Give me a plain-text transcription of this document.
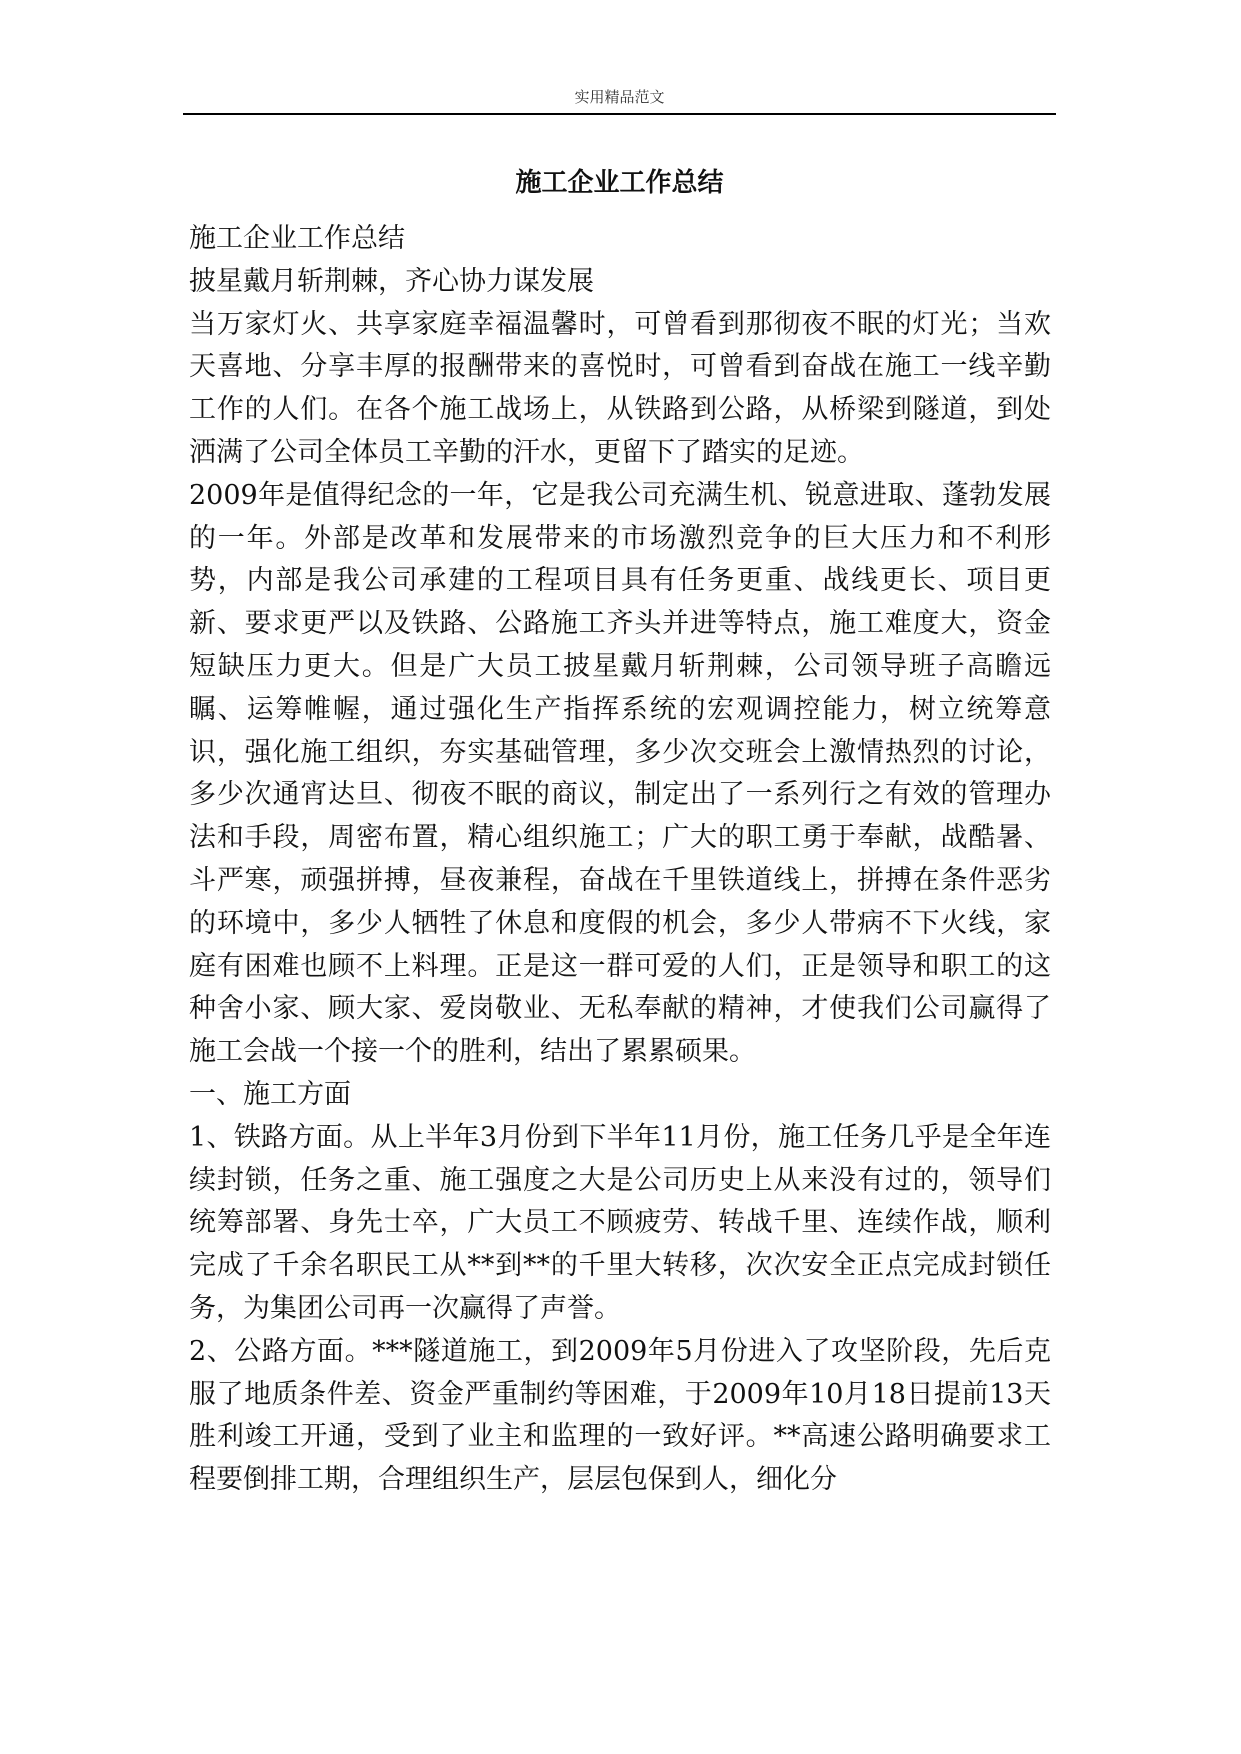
实用精品范文
施工企业工作总结

施工企业工作总结

披星戴月斩荆棘，齐心协力谋发展

当万家灯火、共享家庭幸福温馨时，可曾看到那彻夜不眠的灯光；当欢天喜地、分享丰厚的报酬带来的喜悦时，可曾看到奋战在施工一线辛勤工作的人们。在各个施工战场上，从铁路到公路，从桥梁到隧道，到处洒满了公司全体员工辛勤的汗水，更留下了踏实的足迹。

2009年是值得纪念的一年，它是我公司充满生机、锐意进取、蓬勃发展的一年。外部是改革和发展带来的市场激烈竞争的巨大压力和不利形势，内部是我公司承建的工程项目具有任务更重、战线更长、项目更新、要求更严以及铁路、公路施工齐头并进等特点，施工难度大，资金短缺压力更大。但是广大员工披星戴月斩荆棘，公司领导班子高瞻远瞩、运筹帷幄，通过强化生产指挥系统的宏观调控能力，树立统筹意识，强化施工组织，夯实基础管理，多少次交班会上激情热烈的讨论，多少次通宵达旦、彻夜不眠的商议，制定出了一系列行之有效的管理办法和手段，周密布置，精心组织施工；广大的职工勇于奉献，战酷暑、斗严寒，顽强拼搏，昼夜兼程，奋战在千里铁道线上，拼搏在条件恶劣的环境中，多少人牺牲了休息和度假的机会，多少人带病不下火线，家庭有困难也顾不上料理。正是这一群可爱的人们，正是领导和职工的这种舍小家、顾大家、爱岗敬业、无私奉献的精神，才使我们公司赢得了施工会战一个接一个的胜利，结出了累累硕果。

一、施工方面

1、铁路方面。从上半年3月份到下半年11月份，施工任务几乎是全年连续封锁，任务之重、施工强度之大是公司历史上从来没有过的，领导们统筹部署、身先士卒，广大员工不顾疲劳、转战千里、连续作战，顺利完成了千余名职民工从**到**的千里大转移，次次安全正点完成封锁任务，为集团公司再一次赢得了声誉。

2、公路方面。***隧道施工，到2009年5月份进入了攻坚阶段，先后克服了地质条件差、资金严重制约等困难，于2009年10月18日提前13天胜利竣工开通，受到了业主和监理的一致好评。**高速公路明确要求工程要倒排工期，合理组织生产，层层包保到人，细化分
